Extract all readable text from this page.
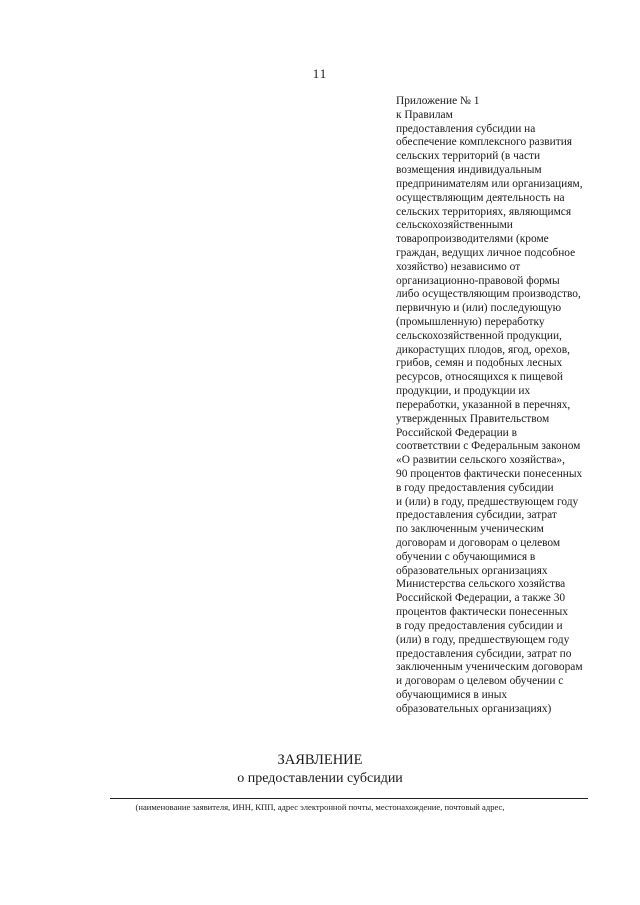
11
Приложение № 1
к Правилам
предоставления субсидии на
обеспечение комплексного развития
сельских территорий (в части
возмещения индивидуальным
предпринимателям или организациям,
осуществляющим деятельность на
сельских территориях, являющимся
сельскохозяйственными
товаропроизводителями (кроме
граждан, ведущих личное подсобное
хозяйство) независимо от
организационно-правовой формы
либо осуществляющим производство,
первичную и (или) последующую
(промышленную) переработку
сельскохозяйственной продукции,
дикорастущих плодов, ягод, орехов,
грибов, семян и подобных лесных
ресурсов, относящихся к пищевой
продукции, и продукции их
переработки, указанной в перечнях,
утвержденных Правительством
Российской Федерации в
соответствии с Федеральным законом
«О развитии сельского хозяйства»,
90 процентов фактически понесенных
в году предоставления субсидии
и (или) в году, предшествующем году
предоставления субсидии, затрат
по заключенным ученическим
договорам и договорам о целевом
обучении с обучающимися в
образовательных организациях
Министерства сельского хозяйства
Российской Федерации, а также 30
процентов фактически понесенных
в году предоставления субсидии и
(или) в году, предшествующем году
предоставления субсидии, затрат по
заключенным ученическим договорам
и договорам о целевом обучении с
обучающимися в иных
образовательных организациях)
ЗАЯВЛЕНИЕ
о предоставлении субсидии
(наименование заявителя, ИНН, КПП, адрес электронной почты, местонахождение, почтовый адрес,
